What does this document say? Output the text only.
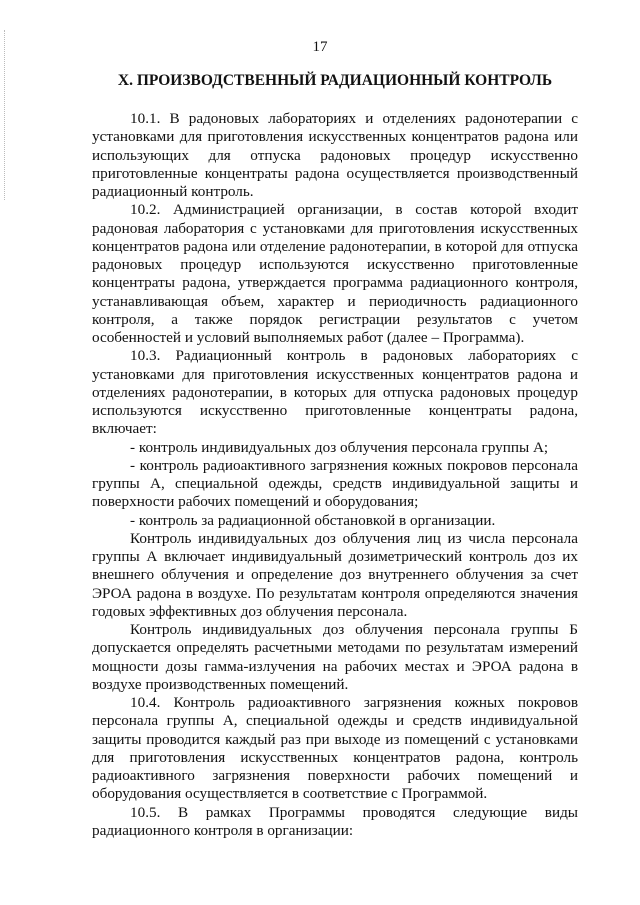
17
X. ПРОИЗВОДСТВЕННЫЙ РАДИАЦИОННЫЙ КОНТРОЛЬ

10.1. В радоновых лабораториях и отделениях радонотерапии с установками для приготовления искусственных концентратов радона или использующих для отпуска радоновых процедур искусственно приготовленные концентраты радона осуществляется производственный радиационный контроль.

10.2. Администрацией организации, в состав которой входит радоновая лаборатория с установками для приготовления искусственных концентратов радона или отделение радонотерапии, в которой для отпуска радоновых процедур используются искусственно приготовленные концентраты радона, утверждается программа радиационного контроля, устанавливающая объем, характер и периодичность радиационного контроля, а также порядок регистрации результатов с учетом особенностей и условий выполняемых работ (далее – Программа).

10.3. Радиационный контроль в радоновых лабораториях с установками для приготовления искусственных концентратов радона и отделениях радонотерапии, в которых для отпуска радоновых процедур используются искусственно приготовленные концентраты радона, включает:

- контроль индивидуальных доз облучения персонала группы А;

- контроль радиоактивного загрязнения кожных покровов персонала группы А, специальной одежды, средств индивидуальной защиты и поверхности рабочих помещений и оборудования;

- контроль за радиационной обстановкой в организации.

Контроль индивидуальных доз облучения лиц из числа персонала группы А включает индивидуальный дозиметрический контроль доз их внешнего облучения и определение доз внутреннего облучения за счет ЭРОА радона в воздухе. По результатам контроля определяются значения годовых эффективных доз облучения персонала.

Контроль индивидуальных доз облучения персонала группы Б допускается определять расчетными методами по результатам измерений мощности дозы гамма-излучения на рабочих местах и ЭРОА радона в воздухе производственных помещений.

10.4. Контроль радиоактивного загрязнения кожных покровов персонала группы А, специальной одежды и средств индивидуальной защиты проводится каждый раз при выходе из помещений с установками для приготовления искусственных концентратов радона, контроль радиоактивного загрязнения поверхности рабочих помещений и оборудования осуществляется в соответствие с Программой.

10.5. В рамках Программы проводятся следующие виды радиационного контроля в организации:
